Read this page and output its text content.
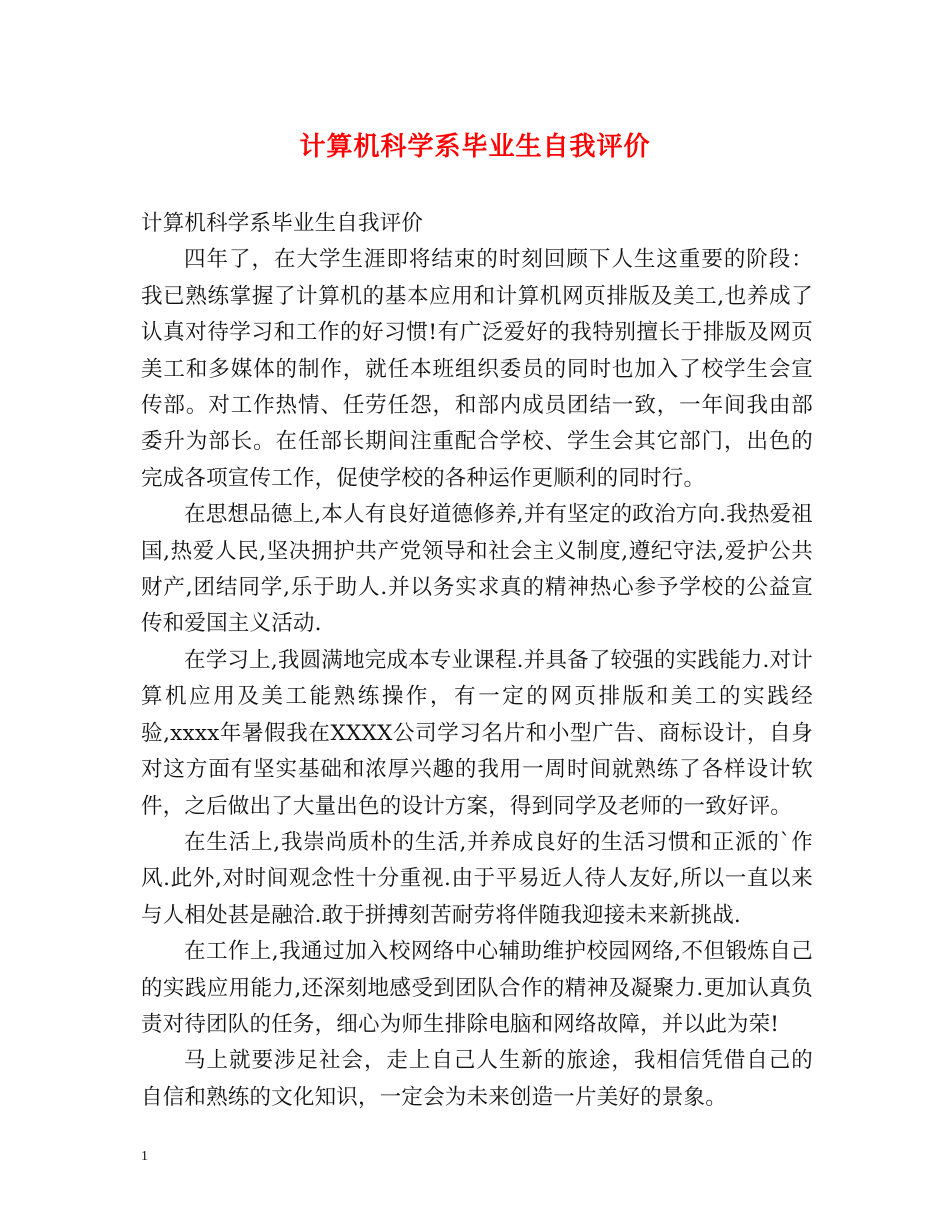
计算机科学系毕业生自我评价

计算机科学系毕业生自我评价

四年了，在大学生涯即将结束的时刻回顾下人生这重要的阶段：我已熟练掌握了计算机的基本应用和计算机网页排版及美工,也养成了认真对待学习和工作的好习惯!有广泛爱好的我特别擅长于排版及网页美工和多媒体的制作，就任本班组织委员的同时也加入了校学生会宣传部。对工作热情、任劳任怨，和部内成员团结一致，一年间我由部委升为部长。在任部长期间注重配合学校、学生会其它部门，出色的完成各项宣传工作，促使学校的各种运作更顺利的同时行。

在思想品德上,本人有良好道德修养,并有坚定的政治方向.我热爱祖国,热爱人民,坚决拥护共产党领导和社会主义制度,遵纪守法,爱护公共财产,团结同学,乐于助人.并以务实求真的精神热心参予学校的公益宣传和爱国主义活动.

在学习上,我圆满地完成本专业课程.并具备了较强的实践能力.对计算机应用及美工能熟练操作，有一定的网页排版和美工的实践经验,xxxx年暑假我在XXXX公司学习名片和小型广告、商标设计，自身对这方面有坚实基础和浓厚兴趣的我用一周时间就熟练了各样设计软件，之后做出了大量出色的设计方案，得到同学及老师的一致好评。

在生活上,我崇尚质朴的生活,并养成良好的生活习惯和正派的`作风.此外,对时间观念性十分重视.由于平易近人待人友好,所以一直以来与人相处甚是融洽.敢于拼搏刻苦耐劳将伴随我迎接未来新挑战.

在工作上,我通过加入校网络中心辅助维护校园网络,不但锻炼自己的实践应用能力,还深刻地感受到团队合作的精神及凝聚力.更加认真负责对待团队的任务，细心为师生排除电脑和网络故障，并以此为荣!

马上就要涉足社会，走上自己人生新的旅途，我相信凭借自己的自信和熟练的文化知识，一定会为未来创造一片美好的景象。

1
